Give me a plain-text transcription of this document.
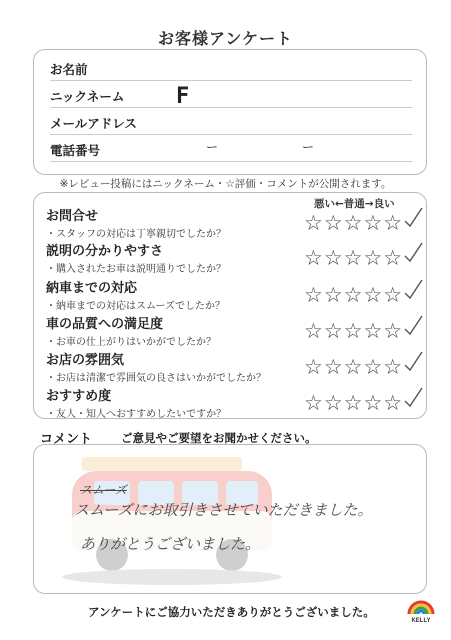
お客様アンケート
お名前
ニックネーム F
メールアドレス
電話番号	ー	ー
※レビュー投稿にはニックネーム・☆評価・コメントが公開されます。
悪い←普通→良い
お問合せ
・スタッフの対応は丁寧親切でしたか？	☆☆☆☆☆
説明の分かりやすさ
・購入されたお車は説明通りでしたか？	☆☆☆☆☆
納車までの対応
・納車までの対応はスムーズでしたか？	☆☆☆☆☆
車の品質への満足度
・お車の仕上がりはいかがでしたか？	☆☆☆☆☆
お店の雰囲気
・お店は清潔で雰囲気の良さはいかがでしたか？	☆☆☆☆☆
おすすめ度
・友人・知人へおすすめしたいですか？	☆☆☆☆☆
コメント	ご意見やご要望をお聞かせください。
スムーズ
スムーズにお取引きさせていただきました。
ありがとうございました。
アンケートにご協力いただきありがとうございました。
KELLY
